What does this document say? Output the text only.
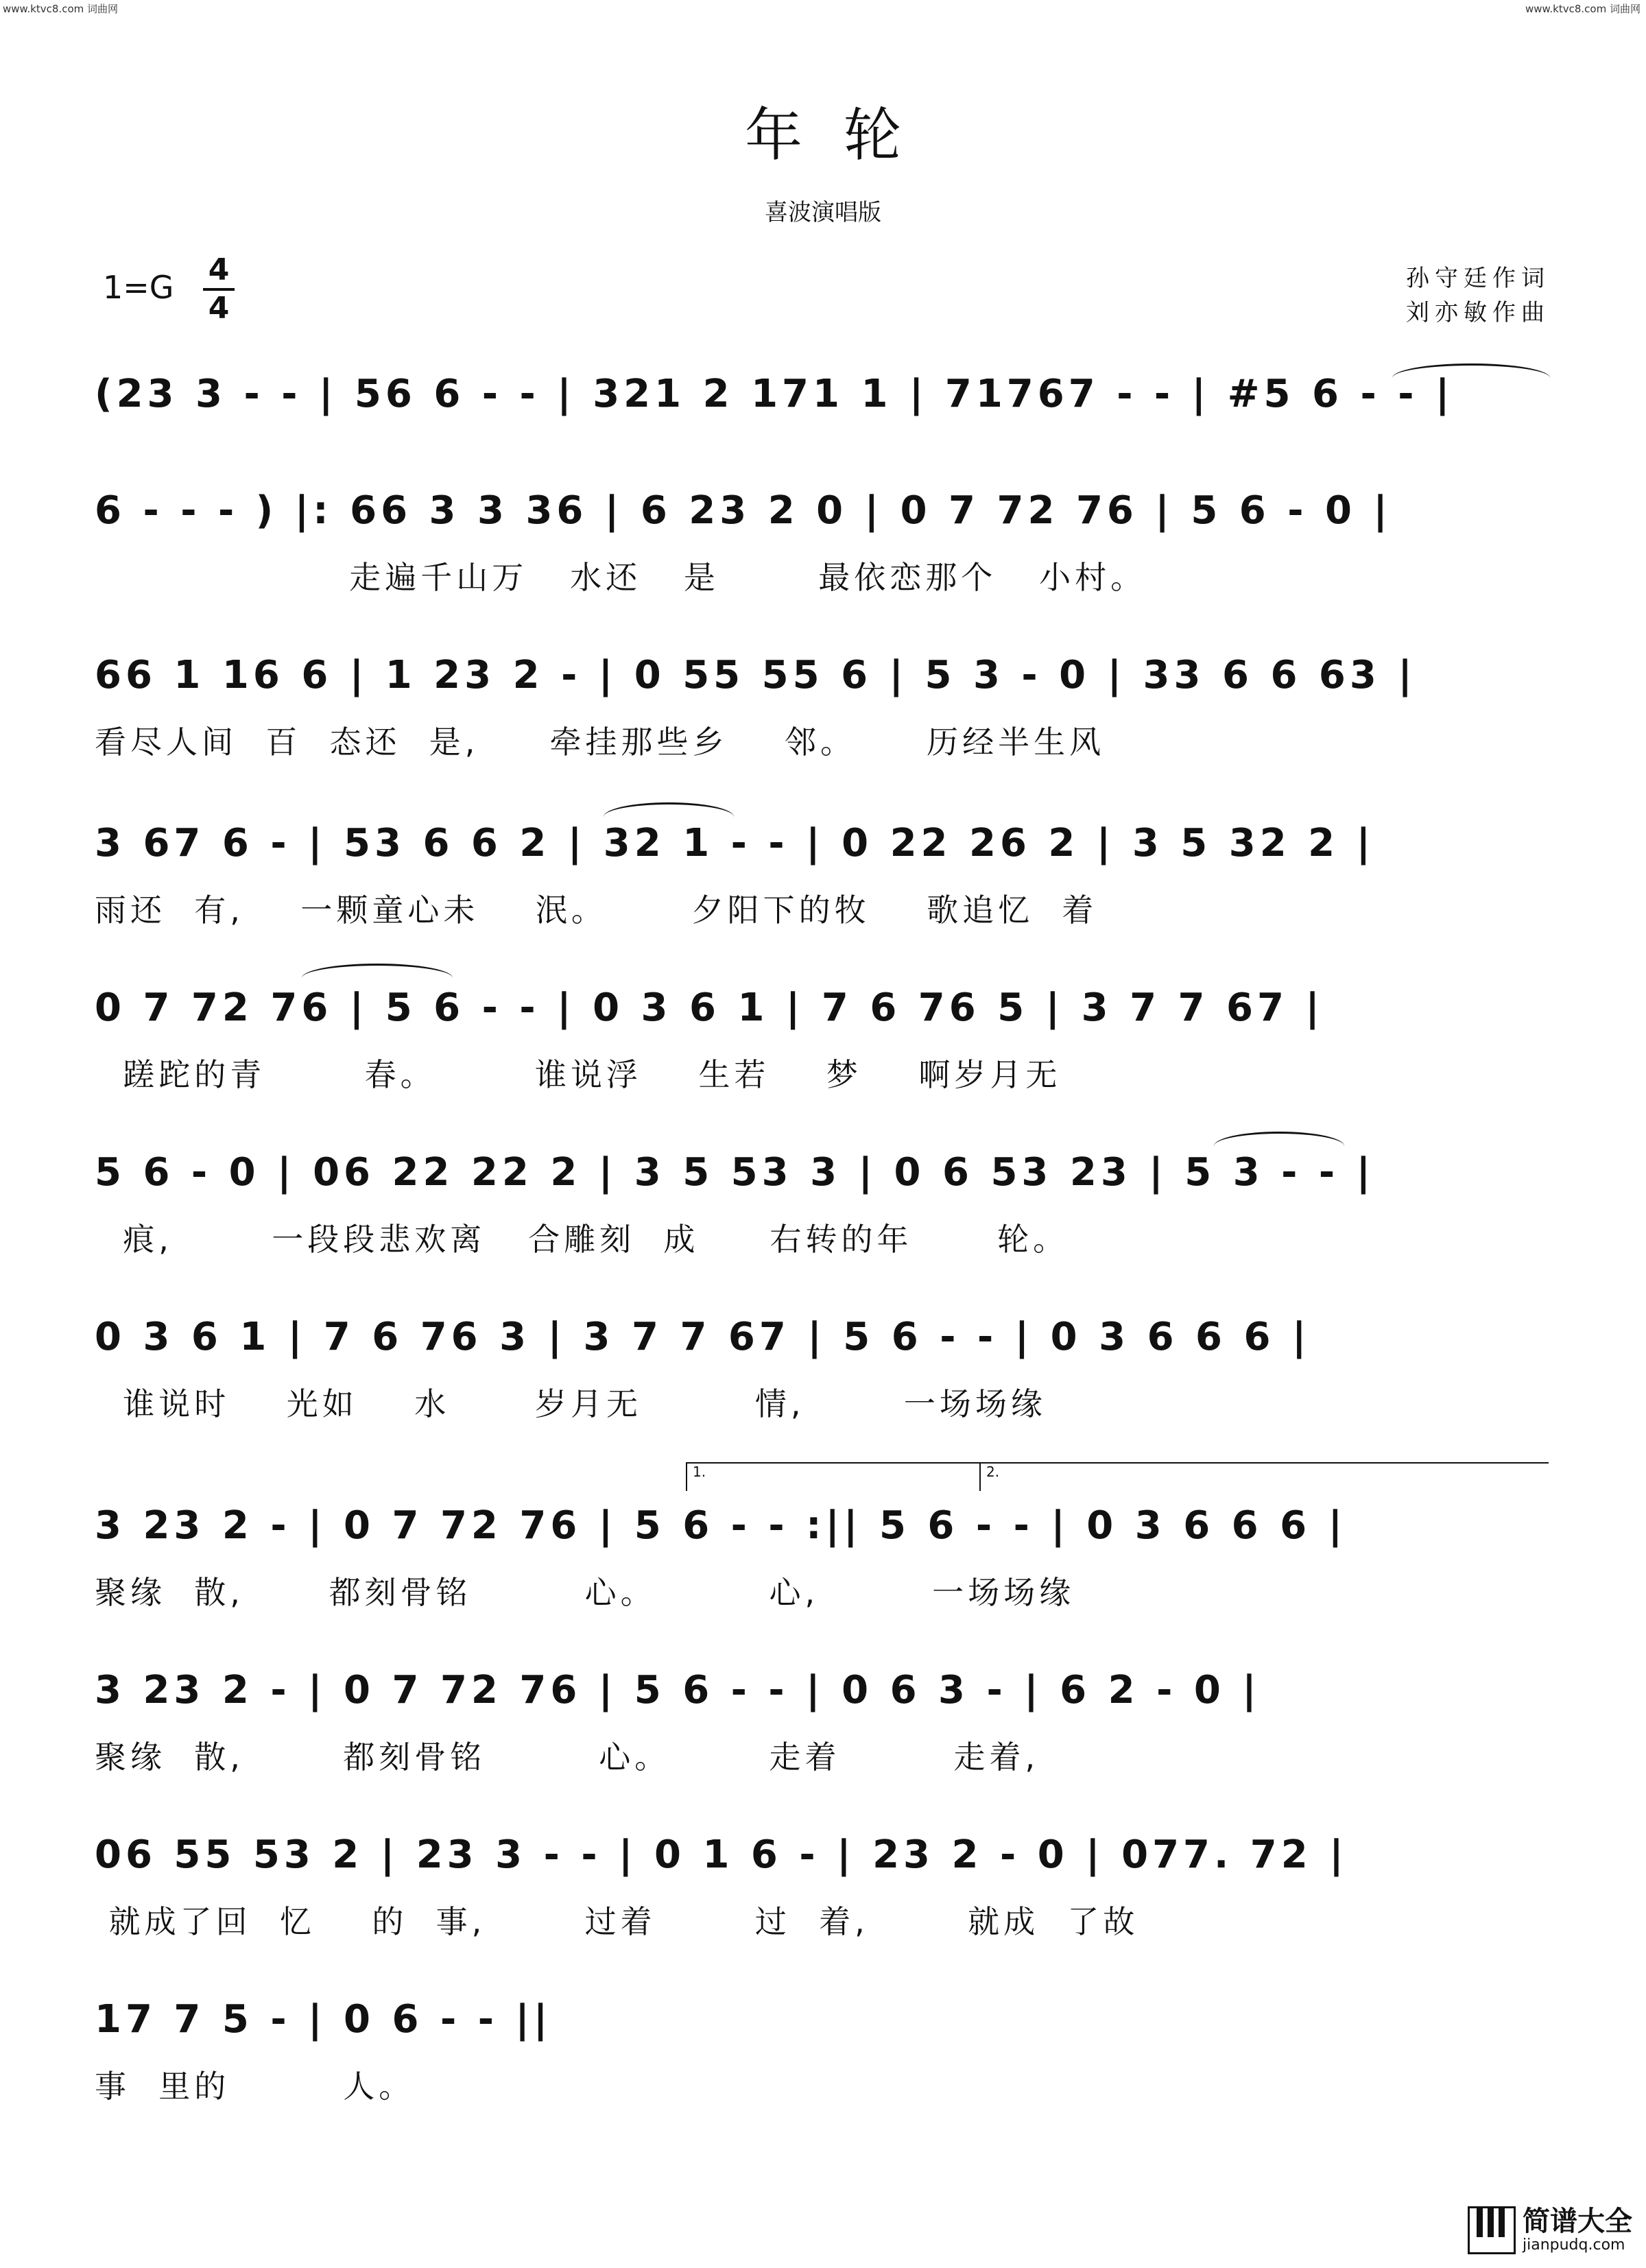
www.ktvc8.com 词曲网	www.ktvc8.com 词曲网
年轮
喜波演唱版
1=G 4
4
孙守廷作词
刘亦敏作曲
(23 3 - - | 56 6 - - | 321 2 171 1 | 71767 - - | #5 6 - - |
6 - - - ) |: 66 3 3 36 | 6 23 2 0 | 0 7 72 76 | 5 6 - 0 |
走遍千山万   水还   是       最依恋那个   小村。
66 1 16 6 | 1 23 2 - | 0 55 55 6 | 5 3 - 0 | 33 6 6 63 |
看尽人间  百  态还  是,     牵挂那些乡    邻。     历经半生风
3 67 6 - | 53 6 6 2 | 32 1 - - | 0 22 26 2 | 3 5 32 2 |
雨还  有,    一颗童心未    泯。      夕阳下的牧    歌追忆  着
0 7 72 76 | 5 6 - - | 0 3 6 1 | 7 6 76 5 | 3 7 7 67 |
蹉跎的青       春。       谁说浮    生若    梦    啊岁月无
5 6 - 0 | 06 22 22 2 | 3 5 53 3 | 0 6 53 23 | 5 3 - - |
痕,       一段段悲欢离   合雕刻  成     右转的年      轮。
0 3 6 1 | 7 6 76 3 | 3 7 7 67 | 5 6 - - | 0 3 6 6 6 |
谁说时    光如    水      岁月无        情,       一场场缘
3 23 2 - | 0 7 72 76 | 5 6 - - :|| 5 6 - - | 0 3 6 6 6 |
聚缘  散,      都刻骨铭        心。        心,        一场场缘
1.	2.
3 23 2 - | 0 7 72 76 | 5 6 - - | 0 6 3 - | 6 2 - 0 |
聚缘  散,       都刻骨铭        心。       走着        走着,
06 55 53 2 | 23 3 - - | 0 1 6 - | 23 2 - 0 | 077. 72 |
就成了回  忆    的  事,       过着       过  着,       就成  了故
17 7 5 - | 0 6 - - ||
事  里的        人。
简谱大全
jianpudq.com
